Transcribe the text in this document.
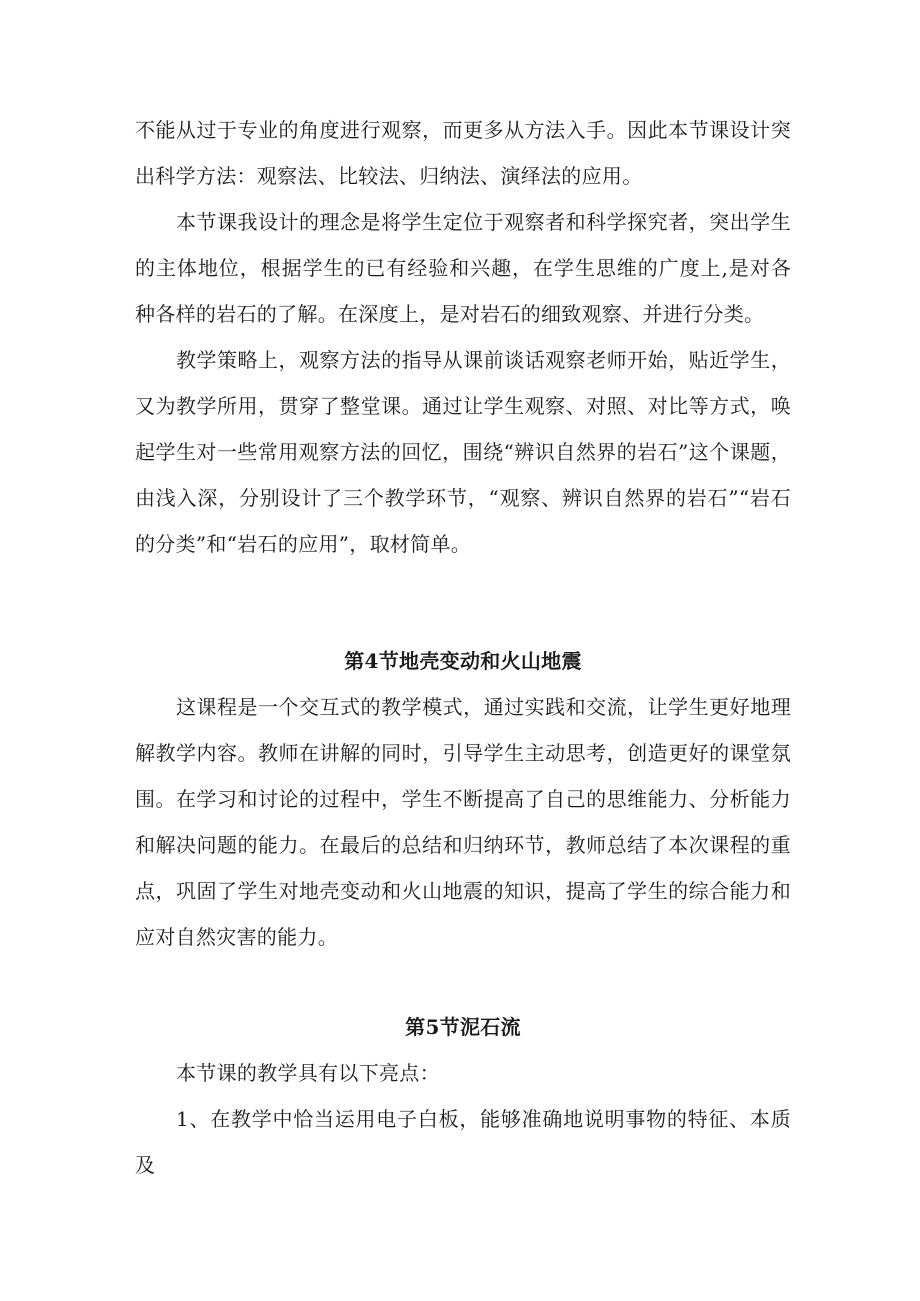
不能从过于专业的角度进行观察，而更多从方法入手。因此本节课设计突出科学方法：观察法、比较法、归纳法、演绎法的应用。

本节课我设计的理念是将学生定位于观察者和科学探究者，突出学生的主体地位，根据学生的已有经验和兴趣，在学生思维的广度上,是对各种各样的岩石的了解。在深度上，是对岩石的细致观察、并进行分类。

教学策略上，观察方法的指导从课前谈话观察老师开始，贴近学生，又为教学所用，贯穿了整堂课。通过让学生观察、对照、对比等方式，唤起学生对一些常用观察方法的回忆，围绕“辨识自然界的岩石”这个课题，由浅入深，分别设计了三个教学环节，“观察、辨识自然界的岩石”“岩石的分类”和“岩石的应用”，取材简单。

第4节地壳变动和火山地震

这课程是一个交互式的教学模式，通过实践和交流，让学生更好地理解教学内容。教师在讲解的同时，引导学生主动思考，创造更好的课堂氛围。在学习和讨论的过程中，学生不断提高了自己的思维能力、分析能力和解决问题的能力。在最后的总结和归纳环节，教师总结了本次课程的重点，巩固了学生对地壳变动和火山地震的知识，提高了学生的综合能力和应对自然灾害的能力。

第5节泥石流

本节课的教学具有以下亮点：

1、在教学中恰当运用电子白板，能够准确地说明事物的特征、本质及
